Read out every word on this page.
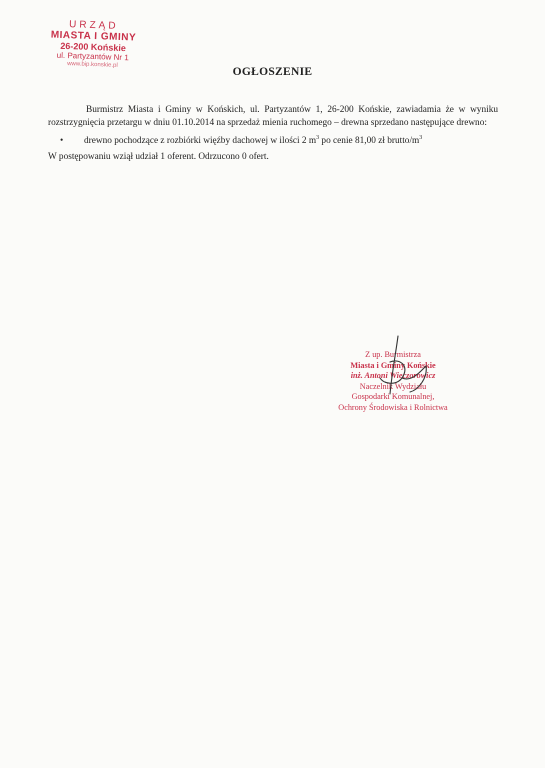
URZĄD
MIASTA I GMINY
26-200 Końskie
ul. Partyzantów Nr 1
www.bip.konskie.pl
OGŁOSZENIE

Burmistrz Miasta i Gminy w Końskich, ul. Partyzantów 1, 26-200 Końskie, zawiadamia że w wyniku rozstrzygnięcia przetargu w dniu 01.10.2014 na sprzedaż mienia ruchomego – drewna sprzedano następujące drewno:

•	drewno pochodzące z rozbiórki więźby dachowej w ilości 2 $m^3$ po cenie 81,00 zł brutto/$m^3$

W postępowaniu wziął udział 1 oferent. Odrzucono 0 ofert.

Z up. Burmistrza
Miasta i Gminy Końskie
inż. Antoni Wieczorowicz
Naczelnik Wydziału
Gospodarki Komunalnej,
Ochrony Środowiska i Rolnictwa
